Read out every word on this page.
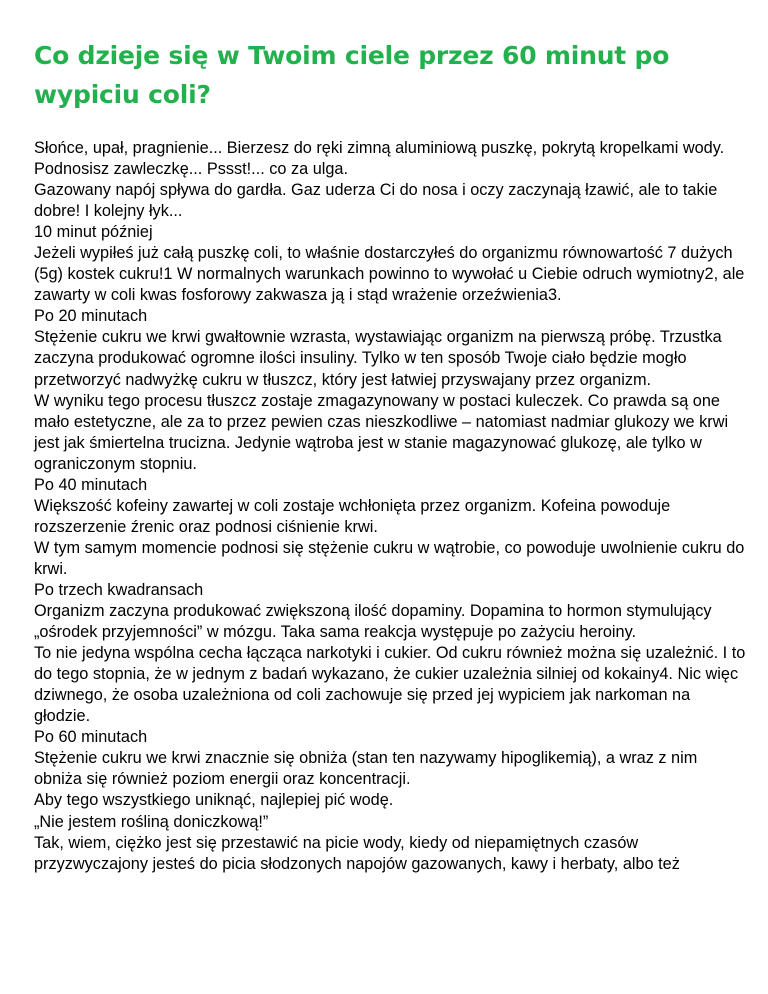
Co dzieje się w Twoim ciele przez 60 minut po wypiciu coli?

Słońce, upał, pragnienie... Bierzesz do ręki zimną aluminiową puszkę, pokrytą kropelkami wody. Podnosisz zawleczkę... Pssst!... co za ulga.

Gazowany napój spływa do gardła. Gaz uderza Ci do nosa i oczy zaczynają łzawić, ale to takie dobre! I kolejny łyk...

10 minut później

Jeżeli wypiłeś już całą puszkę coli, to właśnie dostarczyłeś do organizmu równowartość 7 dużych (5g) kostek cukru!1 W normalnych warunkach powinno to wywołać u Ciebie odruch wymiotny2, ale zawarty w coli kwas fosforowy zakwasza ją i stąd wrażenie orzeźwienia3.

Po 20 minutach

Stężenie cukru we krwi gwałtownie wzrasta, wystawiając organizm na pierwszą próbę. Trzustka zaczyna produkować ogromne ilości insuliny. Tylko w ten sposób Twoje ciało będzie mogło przetworzyć nadwyżkę cukru w tłuszcz, który jest łatwiej przyswajany przez organizm.

W wyniku tego procesu tłuszcz zostaje zmagazynowany w postaci kuleczek. Co prawda są one mało estetyczne, ale za to przez pewien czas nieszkodliwe – natomiast nadmiar glukozy we krwi jest jak śmiertelna trucizna. Jedynie wątroba jest w stanie magazynować glukozę, ale tylko w ograniczonym stopniu.

Po 40 minutach

Większość kofeiny zawartej w coli zostaje wchłonięta przez organizm. Kofeina powoduje rozszerzenie źrenic oraz podnosi ciśnienie krwi.

W tym samym momencie podnosi się stężenie cukru w wątrobie, co powoduje uwolnienie cukru do krwi.

Po trzech kwadransach

Organizm zaczyna produkować zwiększoną ilość dopaminy. Dopamina to hormon stymulujący „ośrodek przyjemności” w mózgu. Taka sama reakcja występuje po zażyciu heroiny.

To nie jedyna wspólna cecha łącząca narkotyki i cukier. Od cukru również można się uzależnić. I to do tego stopnia, że w jednym z badań wykazano, że cukier uzależnia silniej od kokainy4. Nic więc dziwnego, że osoba uzależniona od coli zachowuje się przed jej wypiciem jak narkoman na głodzie.

Po 60 minutach

Stężenie cukru we krwi znacznie się obniża (stan ten nazywamy hipoglikemią), a wraz z nim obniża się również poziom energii oraz koncentracji.

Aby tego wszystkiego uniknąć, najlepiej pić wodę.

„Nie jestem rośliną doniczkową!”

Tak, wiem, ciężko jest się przestawić na picie wody, kiedy od niepamiętnych czasów przyzwyczajony jesteś do picia słodzonych napojów gazowanych, kawy i herbaty, albo też
